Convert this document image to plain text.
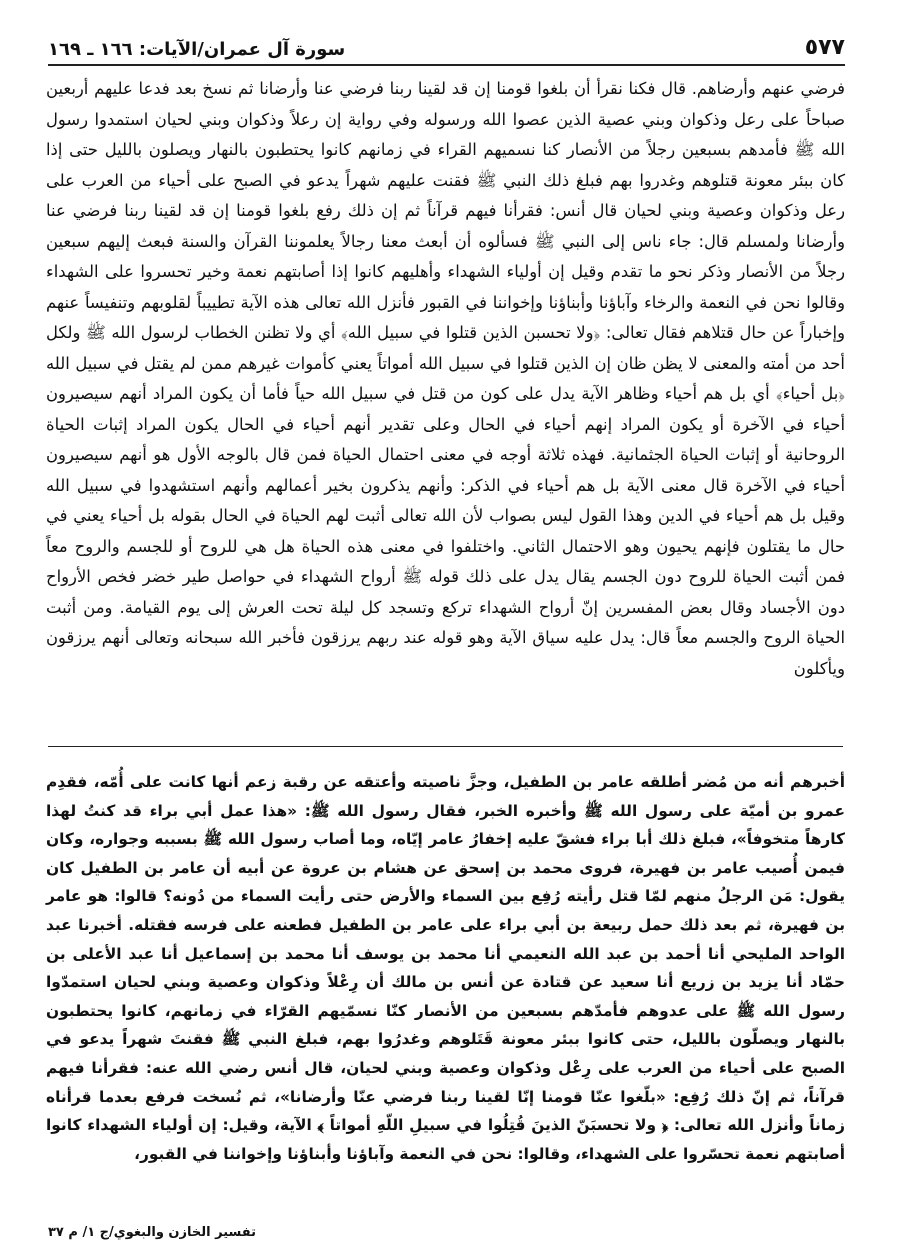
سورة آل عمران/الآيات: ١٦٦ ـ ١٦٩	٥٧٧

فرضي عنهم وأرضاهم. قال فكنا نقرأ أن بلغوا قومنا إن قد لقينا ربنا فرضي عنا وأرضانا ثم نسخ بعد فدعا عليهم أربعين صباحاً على رعل وذكوان وبني عصية الذين عصوا الله ورسوله وفي رواية إن رعلاً وذكوان وبني لحيان استمدوا رسول الله ﷺ فأمدهم بسبعين رجلاً من الأنصار كنا نسميهم القراء في زمانهم كانوا يحتطبون بالنهار ويصلون بالليل حتى إذا كان ببئر معونة قتلوهم وغدروا بهم فبلغ ذلك النبي ﷺ فقنت عليهم شهراً يدعو في الصبح على أحياء من العرب على رعل وذكوان وعصية وبني لحيان قال أنس: فقرأنا فيهم قرآناً ثم إن ذلك رفع بلغوا قومنا إن قد لقينا ربنا فرضي عنا وأرضانا ولمسلم قال: جاء ناس إلى النبي ﷺ فسألوه أن أبعث معنا رجالاً يعلموننا القرآن والسنة فبعث إليهم سبعين رجلاً من الأنصار وذكر نحو ما تقدم وقيل إن أولياء الشهداء وأهليهم كانوا إذا أصابتهم نعمة وخير تحسروا على الشهداء وقالوا نحن في النعمة والرخاء وآباؤنا وأبناؤنا وإخواننا في القبور فأنزل الله تعالى هذه الآية تطييباً لقلوبهم وتنفيساً عنهم وإخباراً عن حال قتلاهم فقال تعالى: ﴿ولا تحسبن الذين قتلوا في سبيل الله﴾ أي ولا تظنن الخطاب لرسول الله ﷺ ولكل أحد من أمته والمعنى لا يظن ظان إن الذين قتلوا في سبيل الله أمواتاً يعني كأموات غيرهم ممن لم يقتل في سبيل الله ﴿بل أحياء﴾ أي بل هم أحياء وظاهر الآية يدل على كون من قتل في سبيل الله حياً فأما أن يكون المراد أنهم سيصيرون أحياء في الآخرة أو يكون المراد إنهم أحياء في الحال وعلى تقدير أنهم أحياء في الحال يكون المراد إثبات الحياة الروحانية أو إثبات الحياة الجثمانية. فهذه ثلاثة أوجه في معنى احتمال الحياة فمن قال بالوجه الأول هو أنهم سيصيرون أحياء في الآخرة قال معنى الآية بل هم أحياء في الذكر: وأنهم يذكرون بخير أعمالهم وأنهم استشهدوا في سبيل الله وقيل بل هم أحياء في الدين وهذا القول ليس بصواب لأن الله تعالى أثبت لهم الحياة في الحال بقوله بل أحياء يعني في حال ما يقتلون فإنهم يحيون وهو الاحتمال الثاني. واختلفوا في معنى هذه الحياة هل هي للروح أو للجسم والروح معاً فمن أثبت الحياة للروح دون الجسم يقال يدل على ذلك قوله ﷺ أرواح الشهداء في حواصل طير خضر فخص الأرواح دون الأجساد وقال بعض المفسرين إنّ أرواح الشهداء تركع وتسجد كل ليلة تحت العرش إلى يوم القيامة. ومن أثبت الحياة الروح والجسم معاً قال: يدل عليه سياق الآية وهو قوله عند ربهم يرزقون فأخبر الله سبحانه وتعالى أنهم يرزقون ويأكلون

أخبرهم أنه من مُضر أطلقه عامر بن الطفيل، وجزَّ ناصيته وأعتقه عن رقبة زعم أنها كانت على أُمّه، فقدِم عمرو بن أميّة على رسول الله ﷺ وأخبره الخبر، فقال رسول الله ﷺ: «هذا عمل أبي براء قد كنتُ لهذا كارهاً متخوفاً»، فبلغ ذلك أبا براء فشقّ عليه إخفارُ عامر إيّاه، وما أصاب رسول الله ﷺ بسببه وجواره، وكان فيمن أُصيب عامر بن فهيرة، فروى محمد بن إسحق عن هشام بن عروة عن أبيه أن عامر بن الطفيل كان يقول: مَن الرجلُ منهم لمّا قتل رأيته رُفِع بين السماء والأرض حتى رأيت السماء من دُونه؟ قالوا: هو عامر بن فهيرة، ثم بعد ذلك حمل ربيعة بن أبي براء على عامر بن الطفيل فطعنه على فرسه فقتله. أخبرنا عبد الواحد المليحي أنا أحمد بن عبد الله النعيمي أنا محمد بن يوسف أنا محمد بن إسماعيل أنا عبد الأعلى بن حمّاد أنا يزيد بن زريع أنا سعيد عن قتادة عن أنس بن مالك أن رِعْلاً وذكوان وعصية وبني لحيان استمدّوا رسول الله ﷺ على عدوهم فأمدّهم بسبعين من الأنصار كنّا نسمّيهم القرّاء في زمانهم، كانوا يحتطبون بالنهار ويصلّون بالليل، حتى كانوا ببئر معونة قَتَلوهم وغدرُوا بهم، فبلغ النبي ﷺ فقنتَ شهراً يدعو في الصبح على أحياء من العرب على رِعْل وذكوان وعصية وبني لحيان، قال أنس رضي الله عنه: فقرأنا فيهم قرآناً، ثم إنّ ذلك رُفِع: «بلّغوا عنّا قومنا إنّا لقينا ربنا فرضي عنّا وأرضانا»، ثم نُسخت فرفع بعدما قرأناه زماناً وأنزل الله تعالى: ﴿ ولا تحسبَنّ الذينَ قُتِلُوا في سبيلِ اللّهِ أمواتاً ﴾ الآية، وقيل: إن أولياء الشهداء كانوا أصابتهم نعمة تحسّروا على الشهداء، وقالوا: نحن في النعمة وآباؤنا وأبناؤنا وإخواننا في القبور،

تفسير الخازن والبغوي/ج ١/ م ٣٧
